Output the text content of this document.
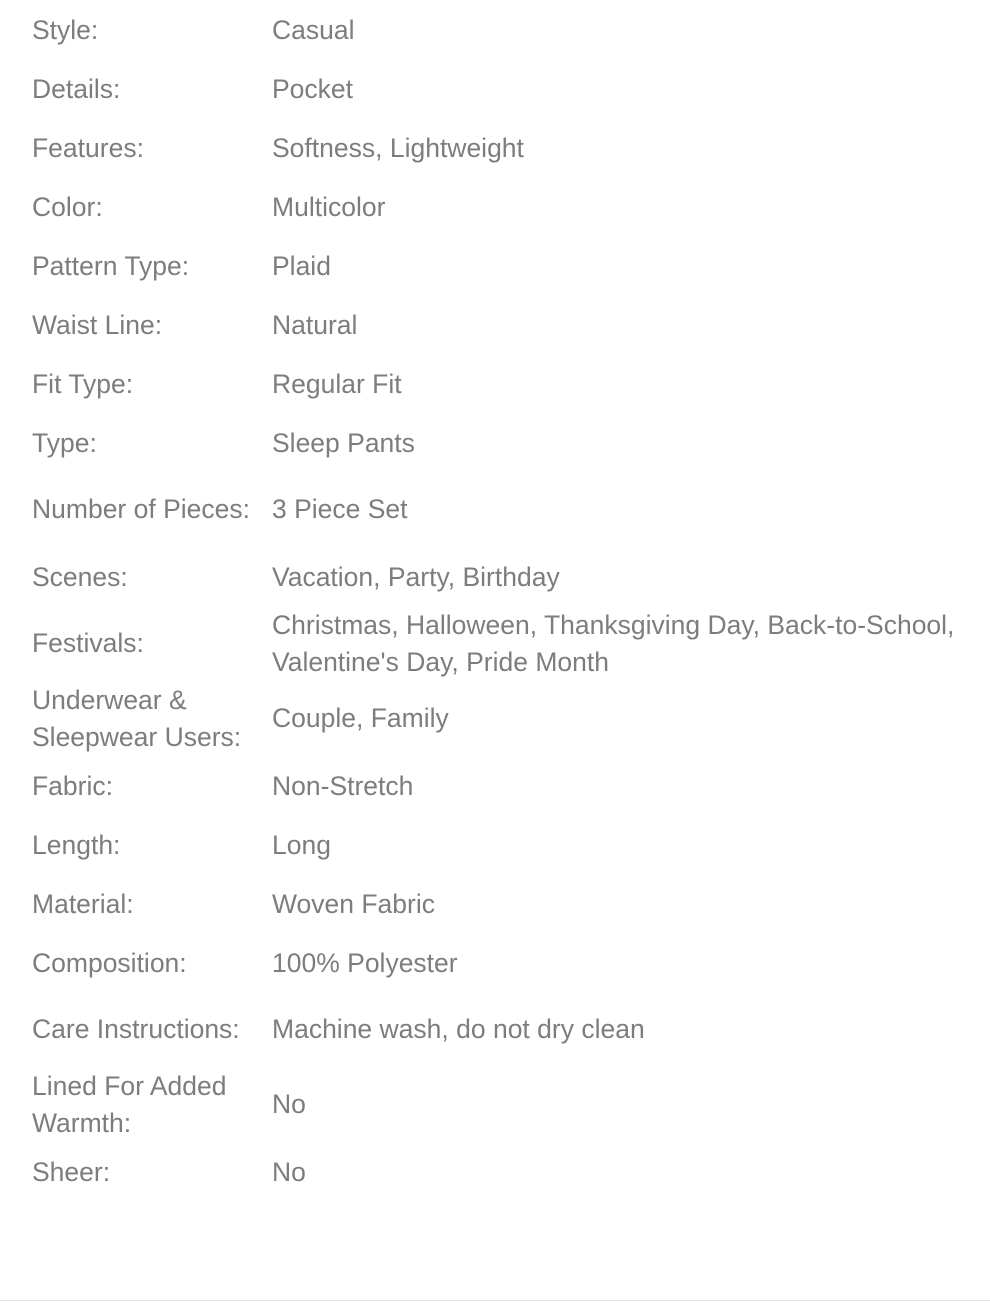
Style:	Casual
Details:	Pocket
Features:	Softness, Lightweight
Color:	Multicolor
Pattern Type:	Plaid
Waist Line:	Natural
Fit Type:	Regular Fit
Type:	Sleep Pants
Number of Pieces: 3 Piece Set
Scenes:	Vacation, Party, Birthday
Festivals:
Christmas, Halloween, Thanksgiving Day, Back-to-School, Valentine's Day, Pride Month
Underwear & Sleepwear Users:
Couple, Family
Fabric:	Non-Stretch
Length:	Long
Material:	Woven Fabric
Composition:	100% Polyester
Care Instructions:	Machine wash, do not dry clean
Lined For Added Warmth:
No
Sheer:	No
